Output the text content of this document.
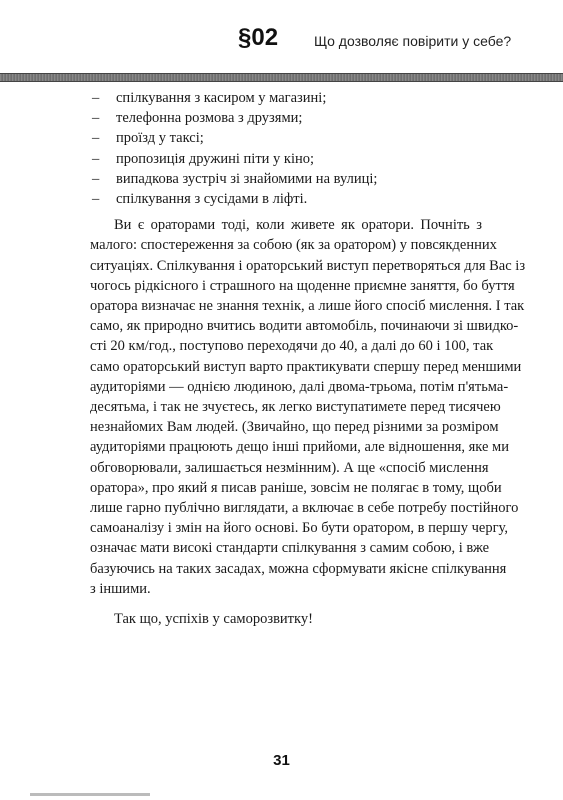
§02	Що дозволяє повірити у себе?
– спілкування з касиром у магазині;
– телефонна розмова з друзями;
– проїзд у таксі;
– пропозиція дружині піти у кіно;
– випадкова зустріч зі знайомими на вулиці;
– спілкування з сусідами в ліфті.

Ви є ораторами тоді, коли живете як оратори. Почніть з
малого: спостереження за собою (як за оратором) у повсякденних
ситуаціях. Спілкування і ораторський виступ перетворяться для Вас із
чогось рідкісного і страшного на щоденне приємне заняття, бо буття
оратора визначає не знання технік, а лише його спосіб мислення. І так
само, як природно вчитись водити автомобіль, починаючи зі швидко-
сті 20 км/год., поступово переходячи до 40, а далі до 60 і 100, так
само ораторський виступ варто практикувати спершу перед меншими
аудиторіями — однією людиною, далі двома-трьома, потім п'ятьма-
десятьма, і так не зчуєтесь, як легко виступатимете перед тисячею
незнайомих Вам людей. (Звичайно, що перед різними за розміром
аудиторіями працюють дещо інші прийоми, але відношення, яке ми
обговорювали, залишається незмінним). А ще «спосіб мислення
оратора», про який я писав раніше, зовсім не полягає в тому, щоби
лише гарно публічно виглядати, а включає в себе потребу постійного
самоаналізу і змін на його основі. Бо бути оратором, в першу чергу,
означає мати високі стандарти спілкування з самим собою, і вже
базуючись на таких засадах, можна сформувати якісне спілкування
з іншими.

Так що, успіхів у саморозвитку!

31
